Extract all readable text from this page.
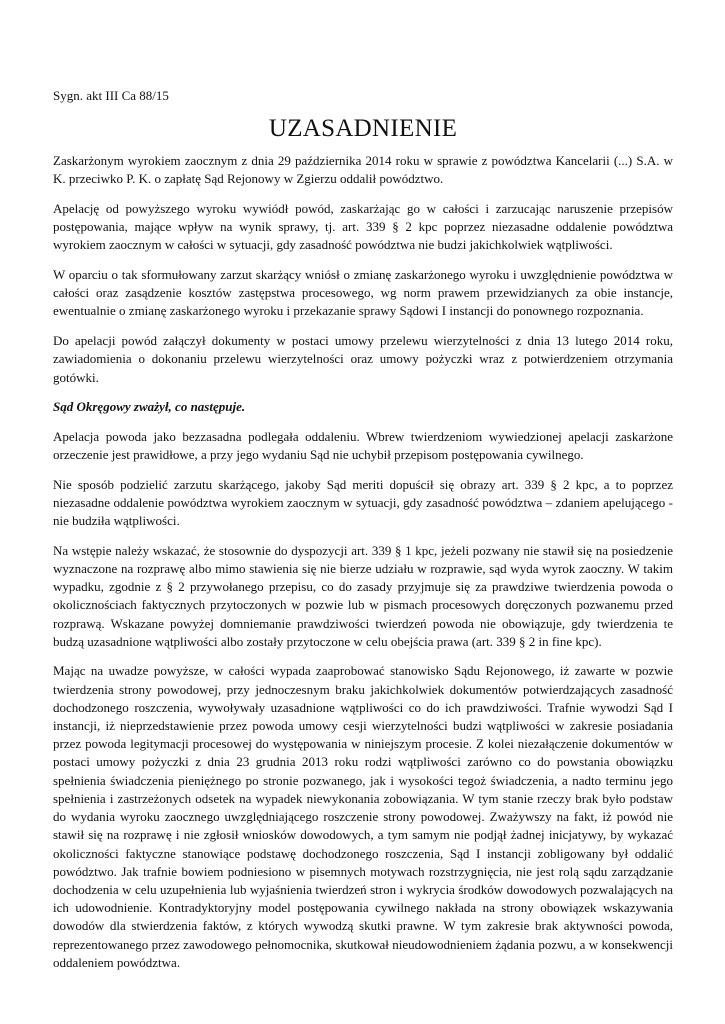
Sygn. akt III Ca 88/15
UZASADNIENIE

Zaskarżonym wyrokiem zaocznym z dnia 29 października 2014 roku w sprawie z powództwa Kancelarii (...) S.A. w K. przeciwko P. K. o zapłatę Sąd Rejonowy w Zgierzu oddalił powództwo.

Apelację od powyższego wyroku wywiódł powód, zaskarżając go w całości i zarzucając naruszenie przepisów postępowania, mające wpływ na wynik sprawy, tj. art. 339 § 2 kpc poprzez niezasadne oddalenie powództwa wyrokiem zaocznym w całości w sytuacji, gdy zasadność powództwa nie budzi jakichkolwiek wątpliwości.

W oparciu o tak sformułowany zarzut skarżący wniósł o zmianę zaskarżonego wyroku i uwzględnienie powództwa w całości oraz zasądzenie kosztów zastępstwa procesowego, wg norm prawem przewidzianych za obie instancje, ewentualnie o zmianę zaskarżonego wyroku i przekazanie sprawy Sądowi I instancji do ponownego rozpoznania.

Do apelacji powód załączył dokumenty w postaci umowy przelewu wierzytelności z dnia 13 lutego 2014 roku, zawiadomienia o dokonaniu przelewu wierzytelności oraz umowy pożyczki wraz z potwierdzeniem otrzymania gotówki.

Sąd Okręgowy zważył, co następuje.

Apelacja powoda jako bezzasadna podlegała oddaleniu. Wbrew twierdzeniom wywiedzionej apelacji zaskarżone orzeczenie jest prawidłowe, a przy jego wydaniu Sąd nie uchybił przepisom postępowania cywilnego.

Nie sposób podzielić zarzutu skarżącego, jakoby Sąd meriti dopuścił się obrazy art. 339 § 2 kpc, a to poprzez niezasadne oddalenie powództwa wyrokiem zaocznym w sytuacji, gdy zasadność powództwa – zdaniem apelującego - nie budziła wątpliwości.

Na wstępie należy wskazać, że stosownie do dyspozycji art. 339 § 1 kpc, jeżeli pozwany nie stawił się na posiedzenie wyznaczone na rozprawę albo mimo stawienia się nie bierze udziału w rozprawie, sąd wyda wyrok zaoczny. W takim wypadku, zgodnie z § 2 przywołanego przepisu, co do zasady przyjmuje się za prawdziwe twierdzenia powoda o okolicznościach faktycznych przytoczonych w pozwie lub w pismach procesowych doręczonych pozwanemu przed rozprawą. Wskazane powyżej domniemanie prawdziwości twierdzeń powoda nie obowiązuje, gdy twierdzenia te budzą uzasadnione wątpliwości albo zostały przytoczone w celu obejścia prawa (art. 339 § 2 in fine kpc).

Mając na uwadze powyższe, w całości wypada zaaprobować stanowisko Sądu Rejonowego, iż zawarte w pozwie twierdzenia strony powodowej, przy jednoczesnym braku jakichkolwiek dokumentów potwierdzających zasadność dochodzonego roszczenia, wywoływały uzasadnione wątpliwości co do ich prawdziwości. Trafnie wywodzi Sąd I instancji, iż nieprzedstawienie przez powoda umowy cesji wierzytelności budzi wątpliwości w zakresie posiadania przez powoda legitymacji procesowej do występowania w niniejszym procesie. Z kolei niezałączenie dokumentów w postaci umowy pożyczki z dnia 23 grudnia 2013 roku rodzi wątpliwości zarówno co do powstania obowiązku spełnienia świadczenia pieniężnego po stronie pozwanego, jak i wysokości tegoż świadczenia, a nadto terminu jego spełnienia i zastrzeżonych odsetek na wypadek niewykonania zobowiązania. W tym stanie rzeczy brak było podstaw do wydania wyroku zaocznego uwzględniającego roszczenie strony powodowej. Zważywszy na fakt, iż powód nie stawił się na rozprawę i nie zgłosił wniosków dowodowych, a tym samym nie podjął żadnej inicjatywy, by wykazać okoliczności faktyczne stanowiące podstawę dochodzonego roszczenia, Sąd I instancji zobligowany był oddalić powództwo. Jak trafnie bowiem podniesiono w pisemnych motywach rozstrzygnięcia, nie jest rolą sądu zarządzanie dochodzenia w celu uzupełnienia lub wyjaśnienia twierdzeń stron i wykrycia środków dowodowych pozwalających na ich udowodnienie. Kontradyktoryjny model postępowania cywilnego nakłada na strony obowiązek wskazywania dowodów dla stwierdzenia faktów, z których wywodzą skutki prawne. W tym zakresie brak aktywności powoda, reprezentowanego przez zawodowego pełnomocnika, skutkował nieudowodnieniem żądania pozwu, a w konsekwencji oddaleniem powództwa.
